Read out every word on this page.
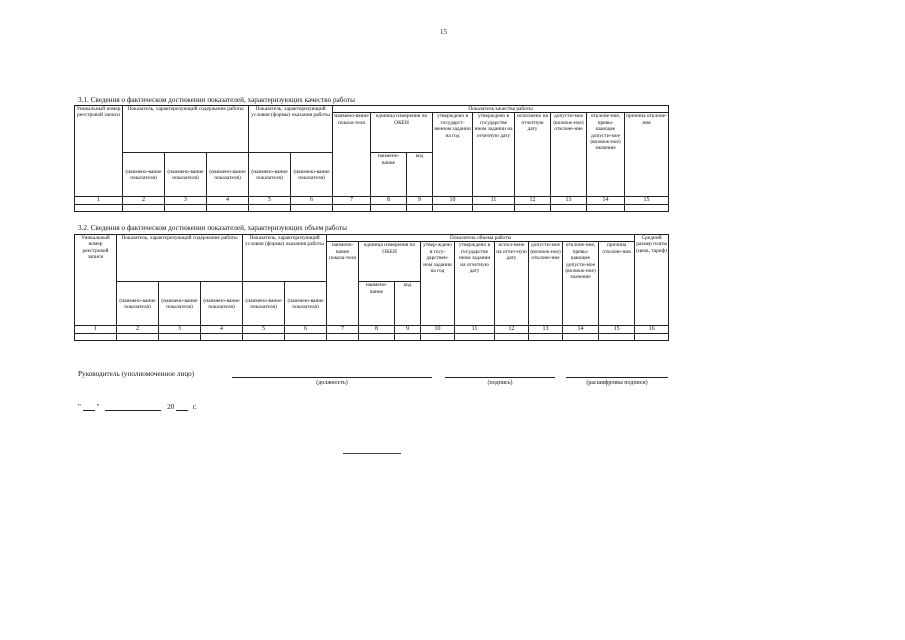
15
3.1. Сведения о фактическом достижении показателей, характеризующих качество работы
Уникальный номер реестровой записи	Показатель, характеризующий содержание работы			Показатель, характеризующий условия (формы) оказания работы		Показатель качества работы								
						наимено-вание показа-теля	единица измерения по ОКЕИ		утверждено в государст-венном задании на год	утверждено в государстве нном задании на отчетную дату	исполнено на отчетную дату	допусти-мое (возмож-ное) отклоне-ние	отклоне-ние, превы-шающее допусти-мое (возмож-ное) значение	причина отклоне-ния
	(наимено-вание показателя)	(наимено-вание показателя)	(наимено-вание показателя)	(наимено-вание показателя)	(наимено-вание показателя)		наимено-вание	код						
1	2	3	4	5	6	7	8	9	10	11	12	13	14	15

3.2. Сведения о фактическом достижении показателей, характеризующих объем работы
Уникальный номер реестровой записи	Показатель, характеризующий содержание работы			Показатель, характеризующий условия (формы) оказания работы		Показатель объема работы									Средний размер платы (цена, тариф)
						наимено-вание показа-теля	единица измерения по ОКЕИ		утвер-ждено в госу-дарствен-ном задании на год	утверждено в государстве нном задании на отчетную дату	испол-нено на отчет-ную дату	допусти-мое (возмож-ное) отклоне-ние	отклоне-ние, превы-шающее допусти-мое (возмож-ное) значение	причина отклоне-ния	
	(наимено-вание показателя)	(наимено-вание показателя)	(наимено-вание показателя)	(наимено-вание показателя)	(наимено-вание показателя)		наимено-вание	код							
1	2	3	4	5	6	7	8	9	10	11	12	13	14	15	16

Руководитель (уполномоченное лицо)
(должность)	(подпись)	(расшифровка подписи)
" "	20	г.
